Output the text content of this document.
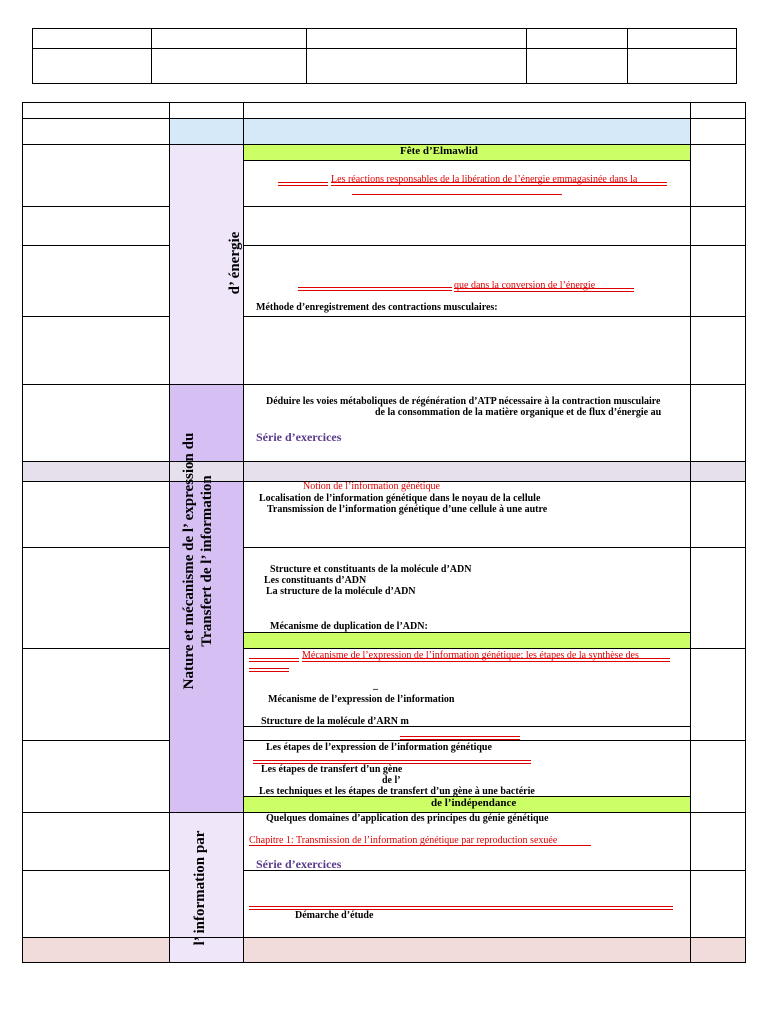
d’ énergie
Nature et mécanisme de l’ expression du Transfert de l’ information
l’ information par
Fête d’Elmawlid
Les réactions responsables de la libération de l’énergie emmagasinée dans la
que dans la conversion de l’énergie
Méthode d’enregistrement des contractions musculaires:
Déduire les voies métaboliques de régénération d’ATP nécessaire à la contraction musculaire
de la consommation de la matière organique et de flux d’énergie au
Série d’exercices
Notion de l’information génétique
Localisation de l’information génétique dans le noyau de la cellule
Transmission de l’information génétique d’une cellule à une autre
Structure et constituants de la molécule d’ADN
Les constituants d’ADN
La structure de la molécule d’ADN
Mécanisme de duplication de l’ADN:
Mécanisme de l’expression de l’information génétique: les étapes de la synthèse des
_
Mécanisme de l’expression de l’information
Structure de la molécule d’ARN m
Les étapes de l’expression de l’information génétique
Les étapes de transfert d’un gène
de l’
Les techniques et les étapes de transfert d’un gène à une bactérie
de l’indépendance
Quelques domaines d’application des principes du génie génétique
Chapitre 1: Transmission de l’information génétique par reproduction sexuée
Série d’exercices
Démarche d’étude
